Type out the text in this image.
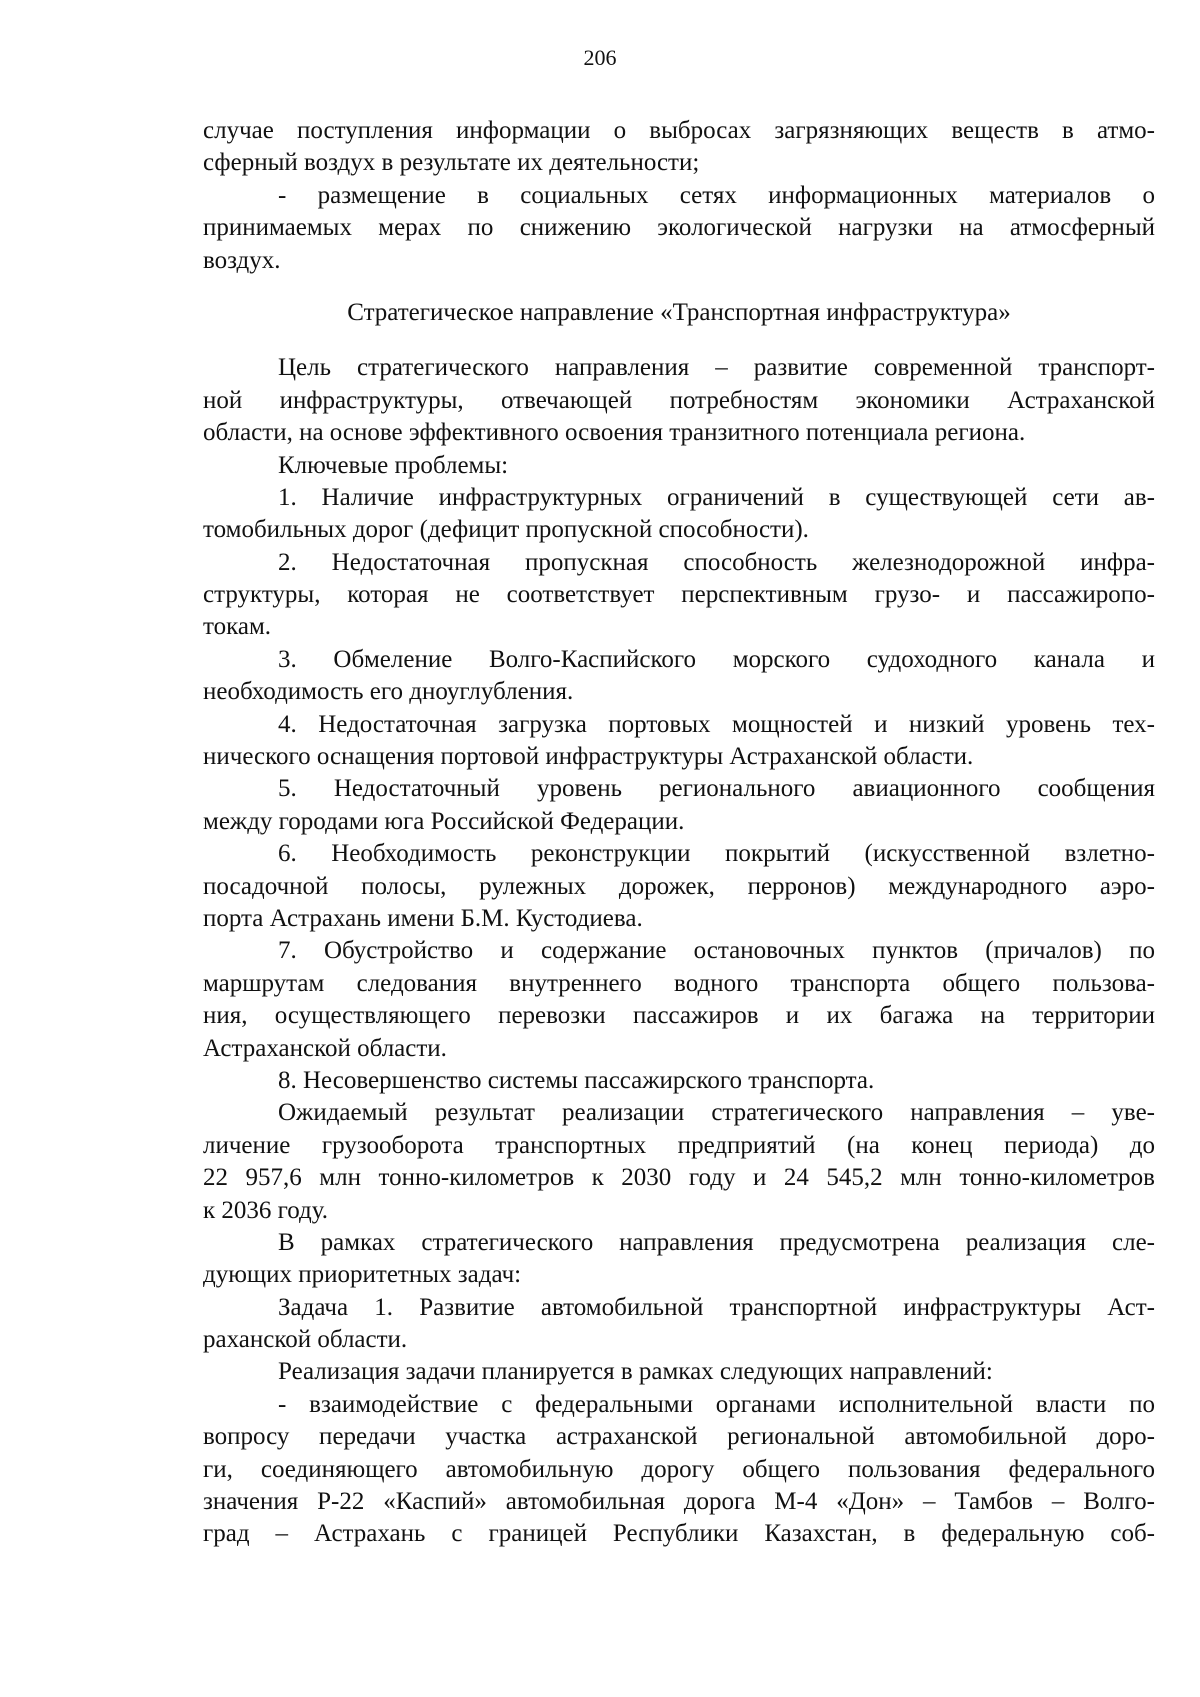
206
случае поступления информации о выбросах загрязняющих веществ в атмо-
сферный воздух в результате их деятельности;
- размещение в социальных сетях информационных материалов о
принимаемых мерах по снижению экологической нагрузки на атмосферный
воздух.
Стратегическое направление «Транспортная инфраструктура»
Цель стратегического направления – развитие современной транспорт-
ной инфраструктуры, отвечающей потребностям экономики Астраханской
области, на основе эффективного освоения транзитного потенциала региона.
Ключевые проблемы:
1. Наличие инфраструктурных ограничений в существующей сети ав-
томобильных дорог (дефицит пропускной способности).
2. Недостаточная пропускная способность железнодорожной инфра-
структуры, которая не соответствует перспективным грузо- и пассажиропо-
токам.
3. Обмеление Волго-Каспийского морского судоходного канала и
необходимость его дноуглубления.
4. Недостаточная загрузка портовых мощностей и низкий уровень тех-
нического оснащения портовой инфраструктуры Астраханской области.
5. Недостаточный уровень регионального авиационного сообщения
между городами юга Российской Федерации.
6. Необходимость реконструкции покрытий (искусственной взлетно-
посадочной полосы, рулежных дорожек, перронов) международного аэро-
порта Астрахань имени Б.М. Кустодиева.
7. Обустройство и содержание остановочных пунктов (причалов) по
маршрутам следования внутреннего водного транспорта общего пользова-
ния, осуществляющего перевозки пассажиров и их багажа на территории
Астраханской области.
8. Несовершенство системы пассажирского транспорта.
Ожидаемый результат реализации стратегического направления – уве-
личение грузооборота транспортных предприятий (на конец периода) до
22 957,6 млн тонно-километров к 2030 году и 24 545,2 млн тонно-километров
к 2036 году.
В рамках стратегического направления предусмотрена реализация сле-
дующих приоритетных задач:
Задача 1. Развитие автомобильной транспортной инфраструктуры Аст-
раханской области.
Реализация задачи планируется в рамках следующих направлений:
- взаимодействие с федеральными органами исполнительной власти по
вопросу передачи участка астраханской региональной автомобильной доро-
ги, соединяющего автомобильную дорогу общего пользования федерального
значения Р-22 «Каспий» автомобильная дорога М-4 «Дон» – Тамбов – Волго-
град – Астрахань с границей Республики Казахстан, в федеральную соб-
